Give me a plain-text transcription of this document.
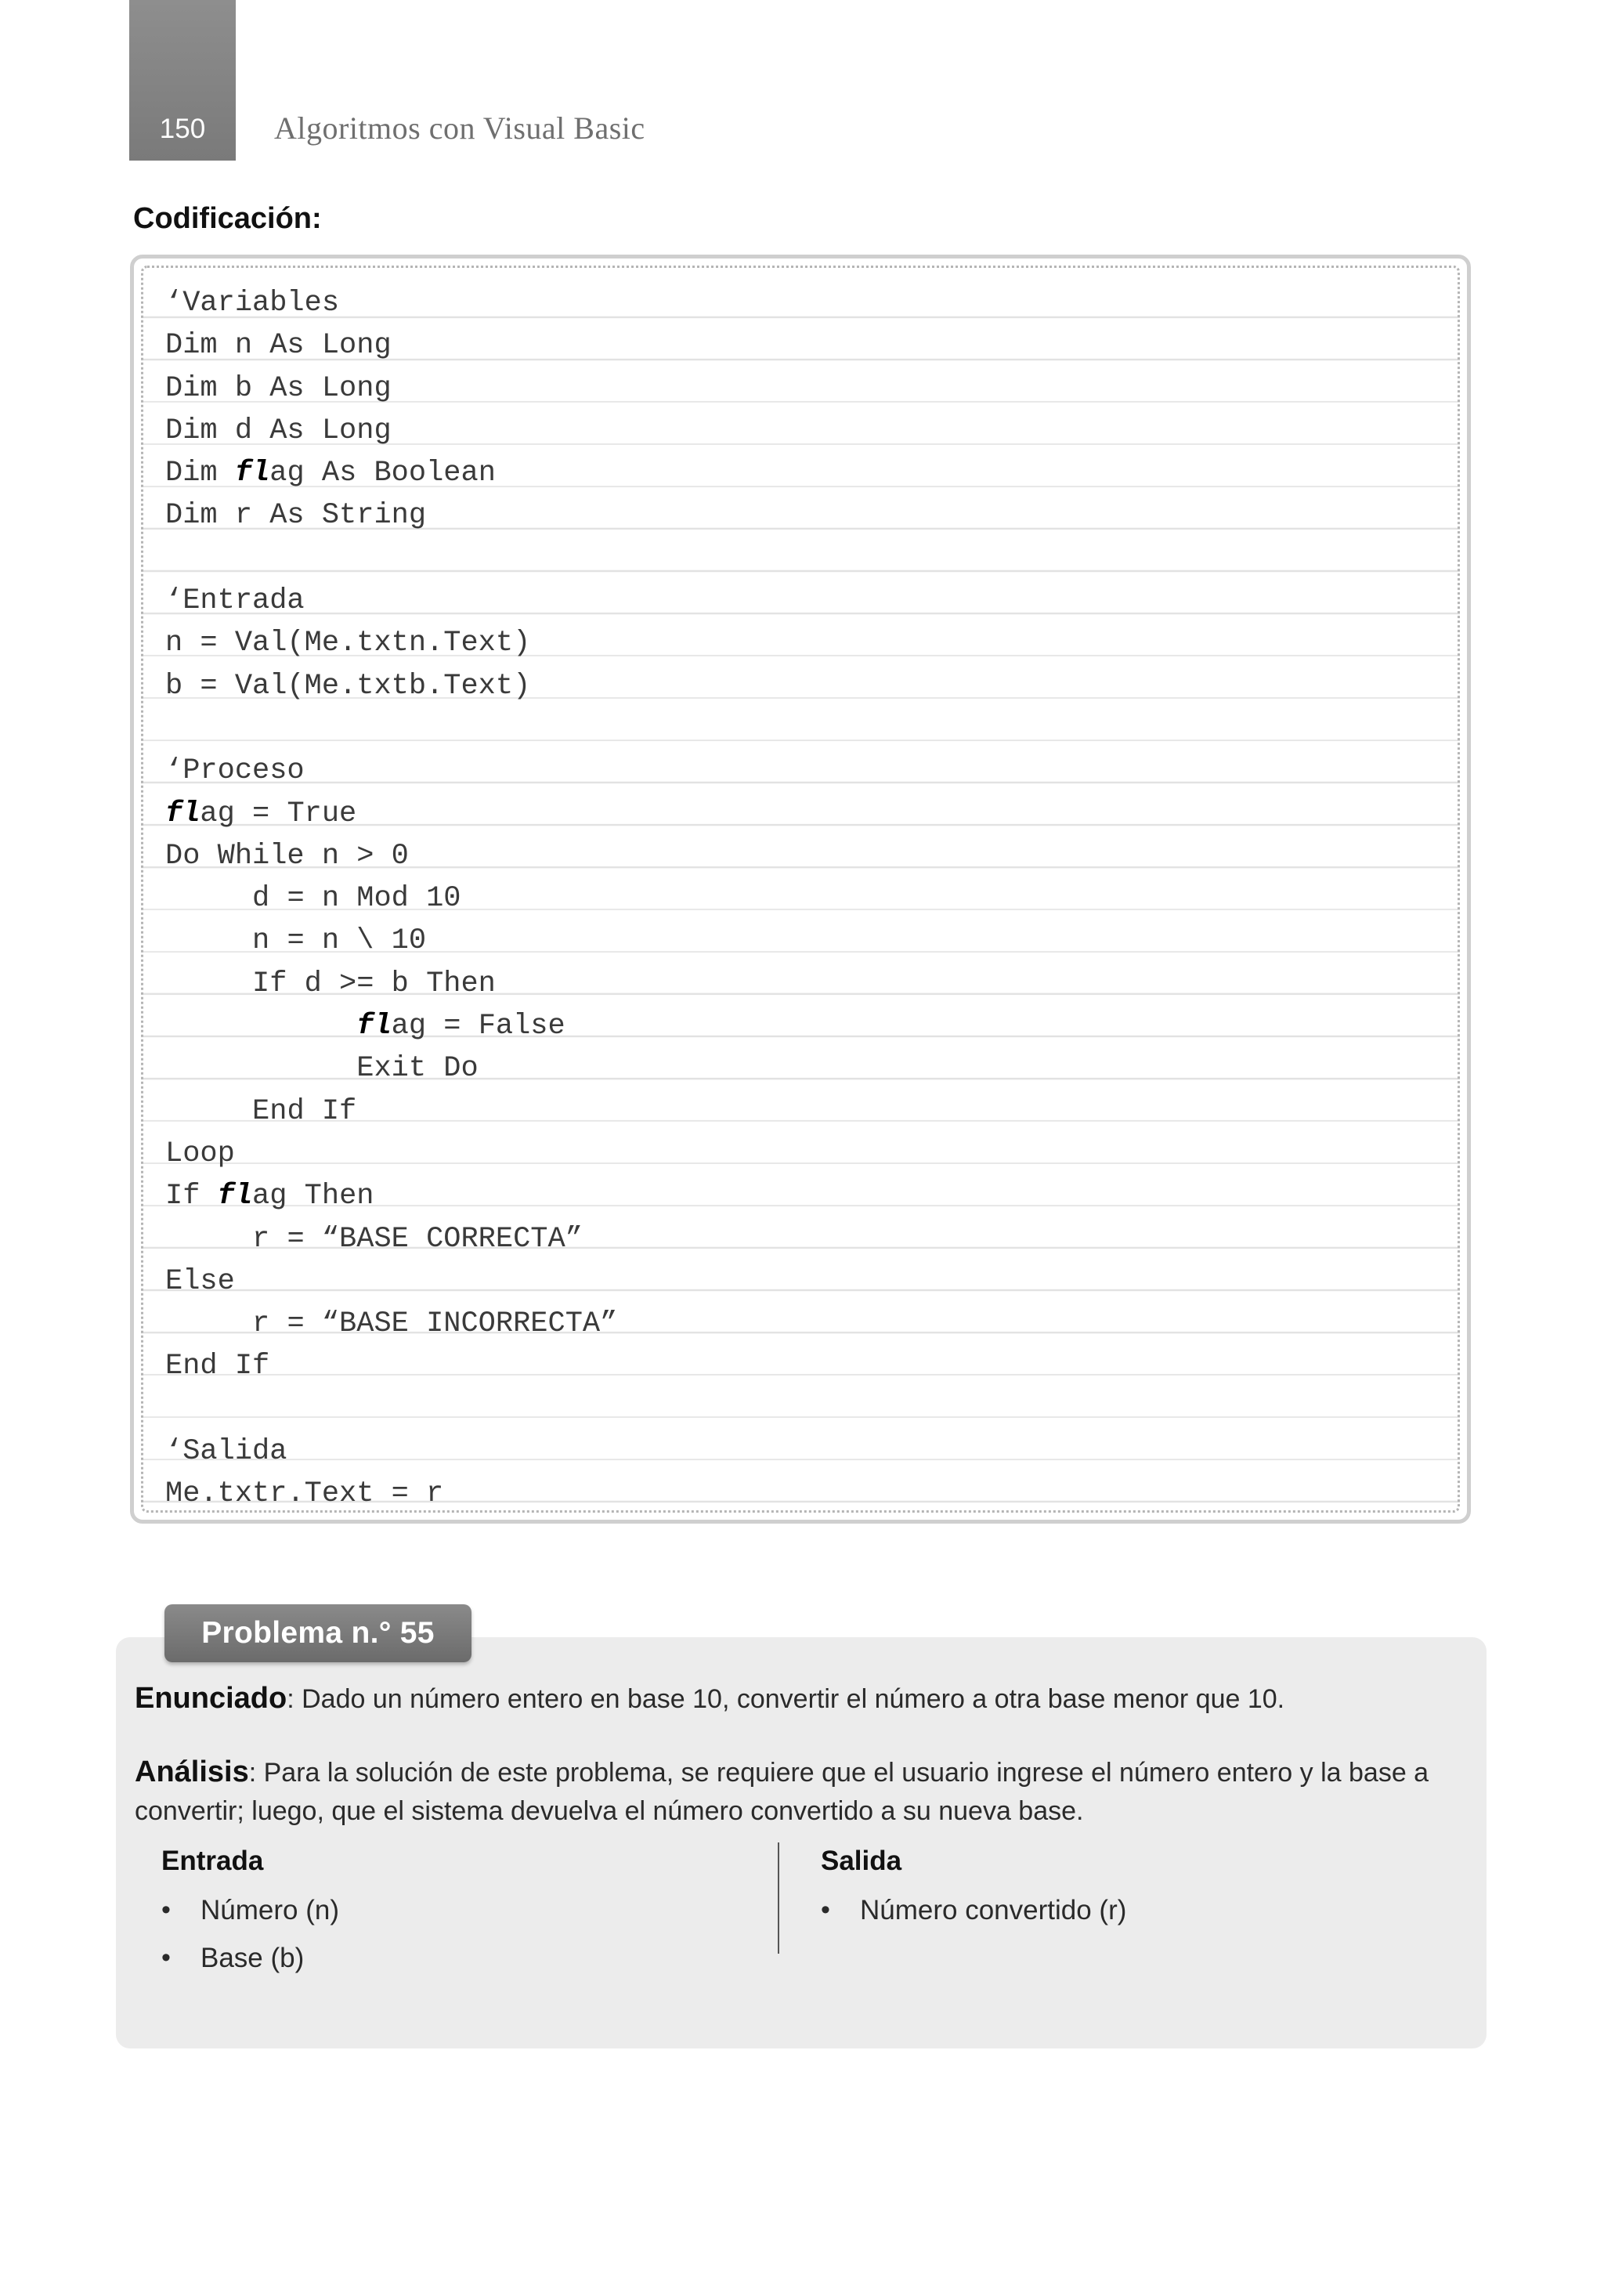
150	Algoritmos con Visual Basic
Codificación:
‘Variables
Dim n As Long
Dim b As Long
Dim d As Long
Dim flag As Boolean
Dim r As String
‘Entrada
n = Val(Me.txtn.Text)
b = Val(Me.txtb.Text)
‘Proceso
flag = True
Do While n > 0
d = n Mod 10
n = n \ 10
If d >= b Then
flag = False
Exit Do
End If
Loop
If flag Then
r = “BASE CORRECTA”
Else
r = “BASE INCORRECTA”
End If
‘Salida
Me.txtr.Text = r
Problema n.° 55
Enunciado: Dado un número entero en base 10, convertir el número a otra base menor que 10.
Análisis: Para la solución de este problema, se requiere que el usuario ingrese el número entero y la base a convertir; luego, que el sistema devuelva el número convertido a su nueva base.
Entrada
•	Número (n)
•	Base (b)
Salida
•	Número convertido (r)
